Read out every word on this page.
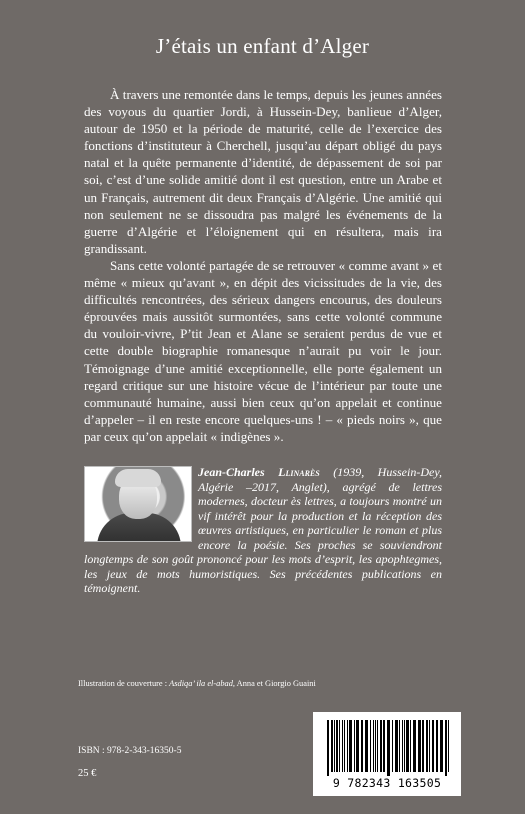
J’étais un enfant d’Alger

À travers une remontée dans le temps, depuis les jeunes années des voyous du quartier Jordi, à Hussein-Dey, banlieue d’Alger, autour de 1950 et la période de maturité, celle de l’exercice des fonctions d’instituteur à Cherchell, jusqu’au départ obligé du pays natal et la quête permanente d’identité, de dépassement de soi par soi, c’est d’une solide amitié dont il est question, entre un Arabe et un Français, autrement dit deux Français d’Algérie. Une amitié qui non seulement ne se dissoudra pas malgré les événements de la guerre d’Algérie et l’éloignement qui en résultera, mais ira grandissant.

Sans cette volonté partagée de se retrouver « comme avant » et même « mieux qu’avant », en dépit des vicissitudes de la vie, des difficultés rencontrées, des sérieux dangers encourus, des douleurs éprouvées mais aussitôt surmontées, sans cette volonté commune du vouloir-vivre, P’tit Jean et Alane se seraient perdus de vue et cette double biographie romanesque n’aurait pu voir le jour. Témoignage d’une amitié exceptionnelle, elle porte également un regard critique sur une histoire vécue de l’intérieur par toute une communauté humaine, aussi bien ceux qu’on appelait et continue d’appeler – il en reste encore quelques-uns ! – « pieds noirs », que par ceux qu’on appelait « indigènes ».

Jean-Charles Llinarès (1939, Hussein-Dey, Algérie –2017, Anglet), agrégé de lettres modernes, docteur ès lettres, a toujours montré un vif intérêt pour la production et la réception des œuvres artistiques, en particulier le roman et plus encore la poésie. Ses proches se souviendront longtemps de son goût prononcé pour les mots d’esprit, les apophtegmes, les jeux de mots humoristiques. Ses précédentes publications en témoignent.
Illustration de couverture : Asdiqa’ ila el-abad, Anna et Giorgio Guaini
ISBN : 978-2-343-16350-5
25 €
9 782343 163505
